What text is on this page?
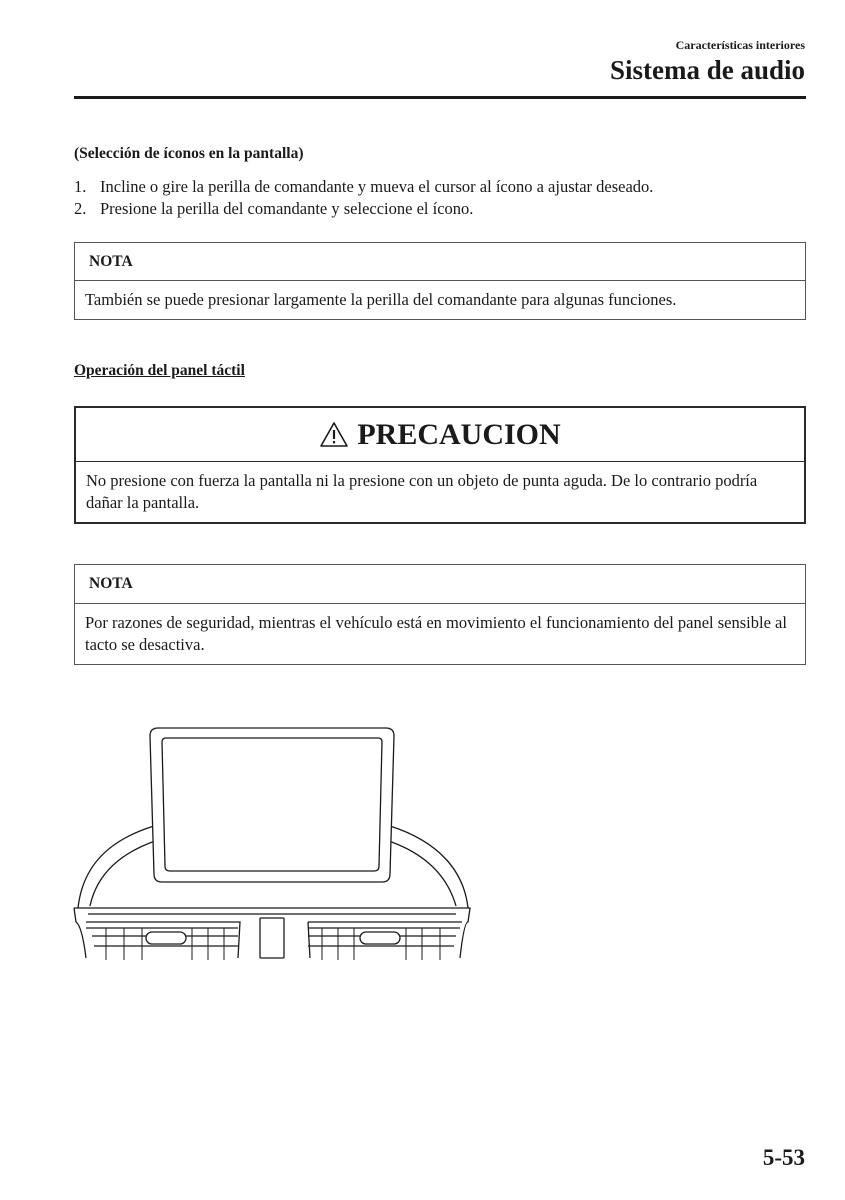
Características interiores
Sistema de audio
(Selección de íconos en la pantalla)
1. Incline o gire la perilla de comandante y mueva el cursor al ícono a ajustar deseado.
2. Presione la perilla del comandante y seleccione el ícono.
NOTA
También se puede presionar largamente la perilla del comandante para algunas funciones.
Operación del panel táctil
PRECAUCION
No presione con fuerza la pantalla ni la presione con un objeto de punta aguda. De lo contrario podría dañar la pantalla.
NOTA
Por razones de seguridad, mientras el vehículo está en movimiento el funcionamiento del panel sensible al tacto se desactiva.
5-53
